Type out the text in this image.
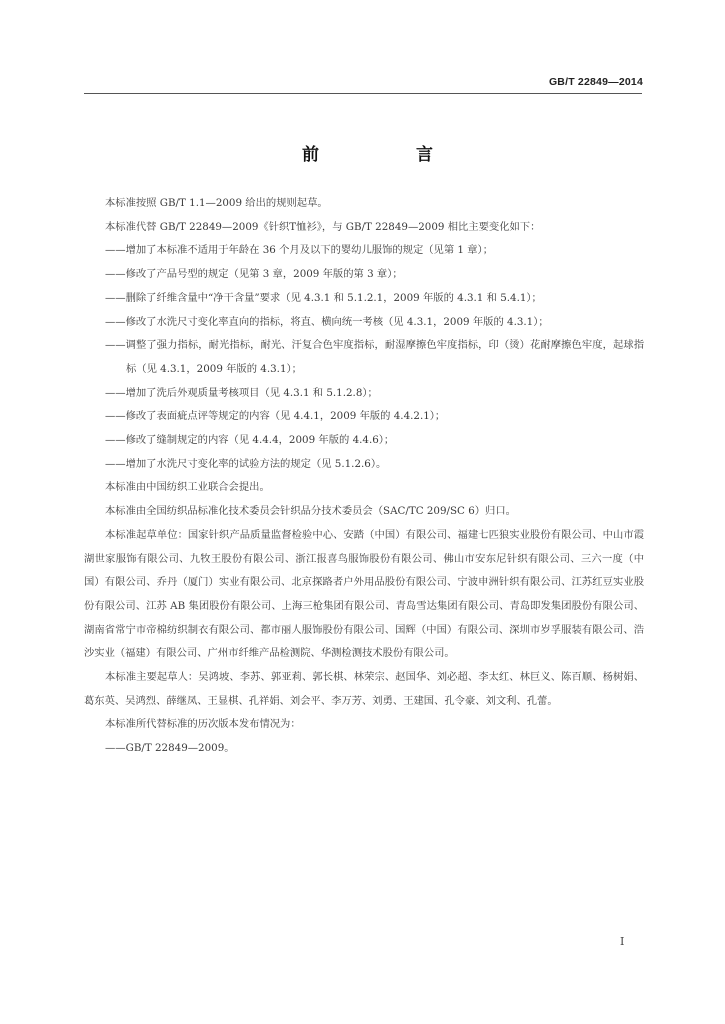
GB/T 22849—2014
前　言

本标准按照 GB/T 1.1—2009 给出的规则起草。

本标准代替 GB/T 22849—2009《针织T恤衫》，与 GB/T 22849—2009 相比主要变化如下：

——增加了本标准不适用于年龄在 36 个月及以下的婴幼儿服饰的规定（见第 1 章）；

——修改了产品号型的规定（见第 3 章，2009 年版的第 3 章）；

——删除了纤维含量中“净干含量”要求（见 4.3.1 和 5.1.2.1，2009 年版的 4.3.1 和 5.4.1）；

——修改了水洗尺寸变化率直向的指标，将直、横向统一考核（见 4.3.1，2009 年版的 4.3.1）；

——调整了强力指标，耐光指标，耐光、汗复合色牢度指标，耐湿摩擦色牢度指标，印（烫）花耐摩擦色牢度，起球指标（见 4.3.1，2009 年版的 4.3.1）；

——增加了洗后外观质量考核项目（见 4.3.1 和 5.1.2.8）；

——修改了表面疵点评等规定的内容（见 4.4.1，2009 年版的 4.4.2.1）；

——修改了缝制规定的内容（见 4.4.4，2009 年版的 4.4.6）；

——增加了水洗尺寸变化率的试验方法的规定（见 5.1.2.6）。

本标准由中国纺织工业联合会提出。

本标准由全国纺织品标准化技术委员会针织品分技术委员会（SAC/TC 209/SC 6）归口。

本标准起草单位：国家针织产品质量监督检验中心、安踏（中国）有限公司、福建七匹狼实业股份有限公司、中山市霞湖世家服饰有限公司、九牧王股份有限公司、浙江报喜鸟服饰股份有限公司、佛山市安东尼针织有限公司、三六一度（中国）有限公司、乔丹（厦门）实业有限公司、北京探路者户外用品股份有限公司、宁波申洲针织有限公司、江苏红豆实业股份有限公司、江苏 AB 集团股份有限公司、上海三枪集团有限公司、青岛雪达集团有限公司、青岛即发集团股份有限公司、湖南省常宁市帝棉纺织制衣有限公司、都市丽人服饰股份有限公司、国辉（中国）有限公司、深圳市岁孚服装有限公司、浩沙实业（福建）有限公司、广州市纤维产品检测院、华测检测技术股份有限公司。

本标准主要起草人：吴鸿坡、李苏、郭亚莉、郭长棋、林荣宗、赵国华、刘必超、李太红、林巨义、陈百顺、杨树娟、葛东英、吴鸿烈、薛继凤、王显棋、孔祥娟、刘会平、李万芳、刘勇、王建国、孔令豪、刘文利、孔蕾。

本标准所代替标准的历次版本发布情况为：

——GB/T 22849—2009。

I
